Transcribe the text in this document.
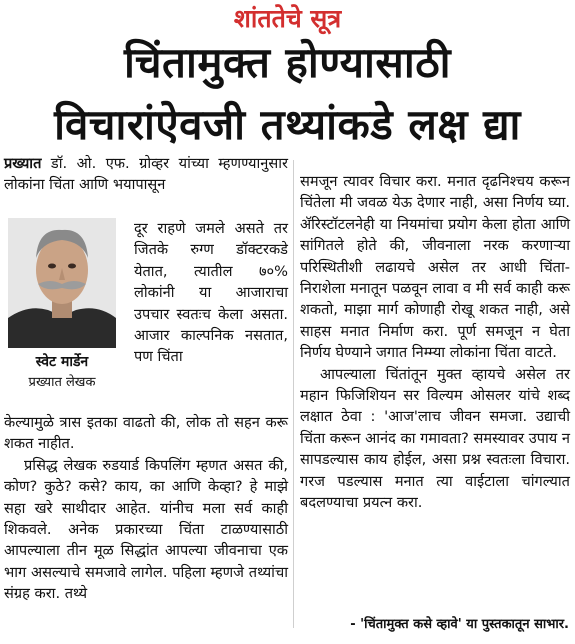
शांततेचे सूत्र
चिंतामुक्त होण्यासाठी
विचारांऐवजी तथ्यांकडे लक्ष द्या

प्रख्यात डॉ. ओ. एफ. ग्रोव्हर यांच्या म्हणण्यानुसार लोकांना चिंता आणि भयापासून

स्वेट मार्डेन
प्रख्यात लेखक

दूर राहणे जमले असते तर जितके रुग्ण डॉक्टरकडे येतात, त्यातील ७०% लोकांनी या आजाराचा उपचार स्वतःच केला असता. आजार काल्पनिक नसतात, पण चिंता

केल्यामुळे त्रास इतका वाढतो की, लोक तो सहन करू शकत नाहीत.

प्रसिद्ध लेखक रुडयार्ड किपलिंग म्हणत असत की, कोण? कुठे? कसे? काय, का आणि केव्हा? हे माझे सहा खरे साथीदार आहेत. यांनीच मला सर्व काही शिकवले. अनेक प्रकारच्या चिंता टाळण्यासाठी आपल्याला तीन मूळ सिद्धांत आपल्या जीवनाचा एक भाग असल्याचे समजावे लागेल. पहिला म्हणजे तथ्यांचा संग्रह करा. तथ्ये

समजून त्यावर विचार करा. मनात दृढनिश्चय करून चिंतेला मी जवळ येऊ देणार नाही, असा निर्णय घ्या. ॲरिस्टॉटलनेही या नियमांचा प्रयोग केला होता आणि सांगितले होते की, जीवनाला नरक करणाऱ्या परिस्थितीशी लढायचे असेल तर आधी चिंता-निराशेला मनातून पळवून लावा व मी सर्व काही करू शकतो, माझा मार्ग कोणाही रोखू शकत नाही, असे साहस मनात निर्माण करा. पूर्ण समजून न घेता निर्णय घेण्याने जगात निम्म्या लोकांना चिंता वाटते.

आपल्याला चिंतांतून मुक्त व्हायचे असेल तर महान फिजिशियन सर विल्यम ओसलर यांचे शब्द लक्षात ठेवा : 'आज'लाच जीवन समजा. उद्याची चिंता करून आनंद का गमावता? समस्यावर उपाय न सापडल्यास काय होईल, असा प्रश्न स्वतःला विचारा. गरज पडल्यास मनात त्या वाईटाला चांगल्यात बदलण्याचा प्रयत्न करा.

- 'चिंतामुक्त कसे व्हावे' या पुस्तकातून साभार.
